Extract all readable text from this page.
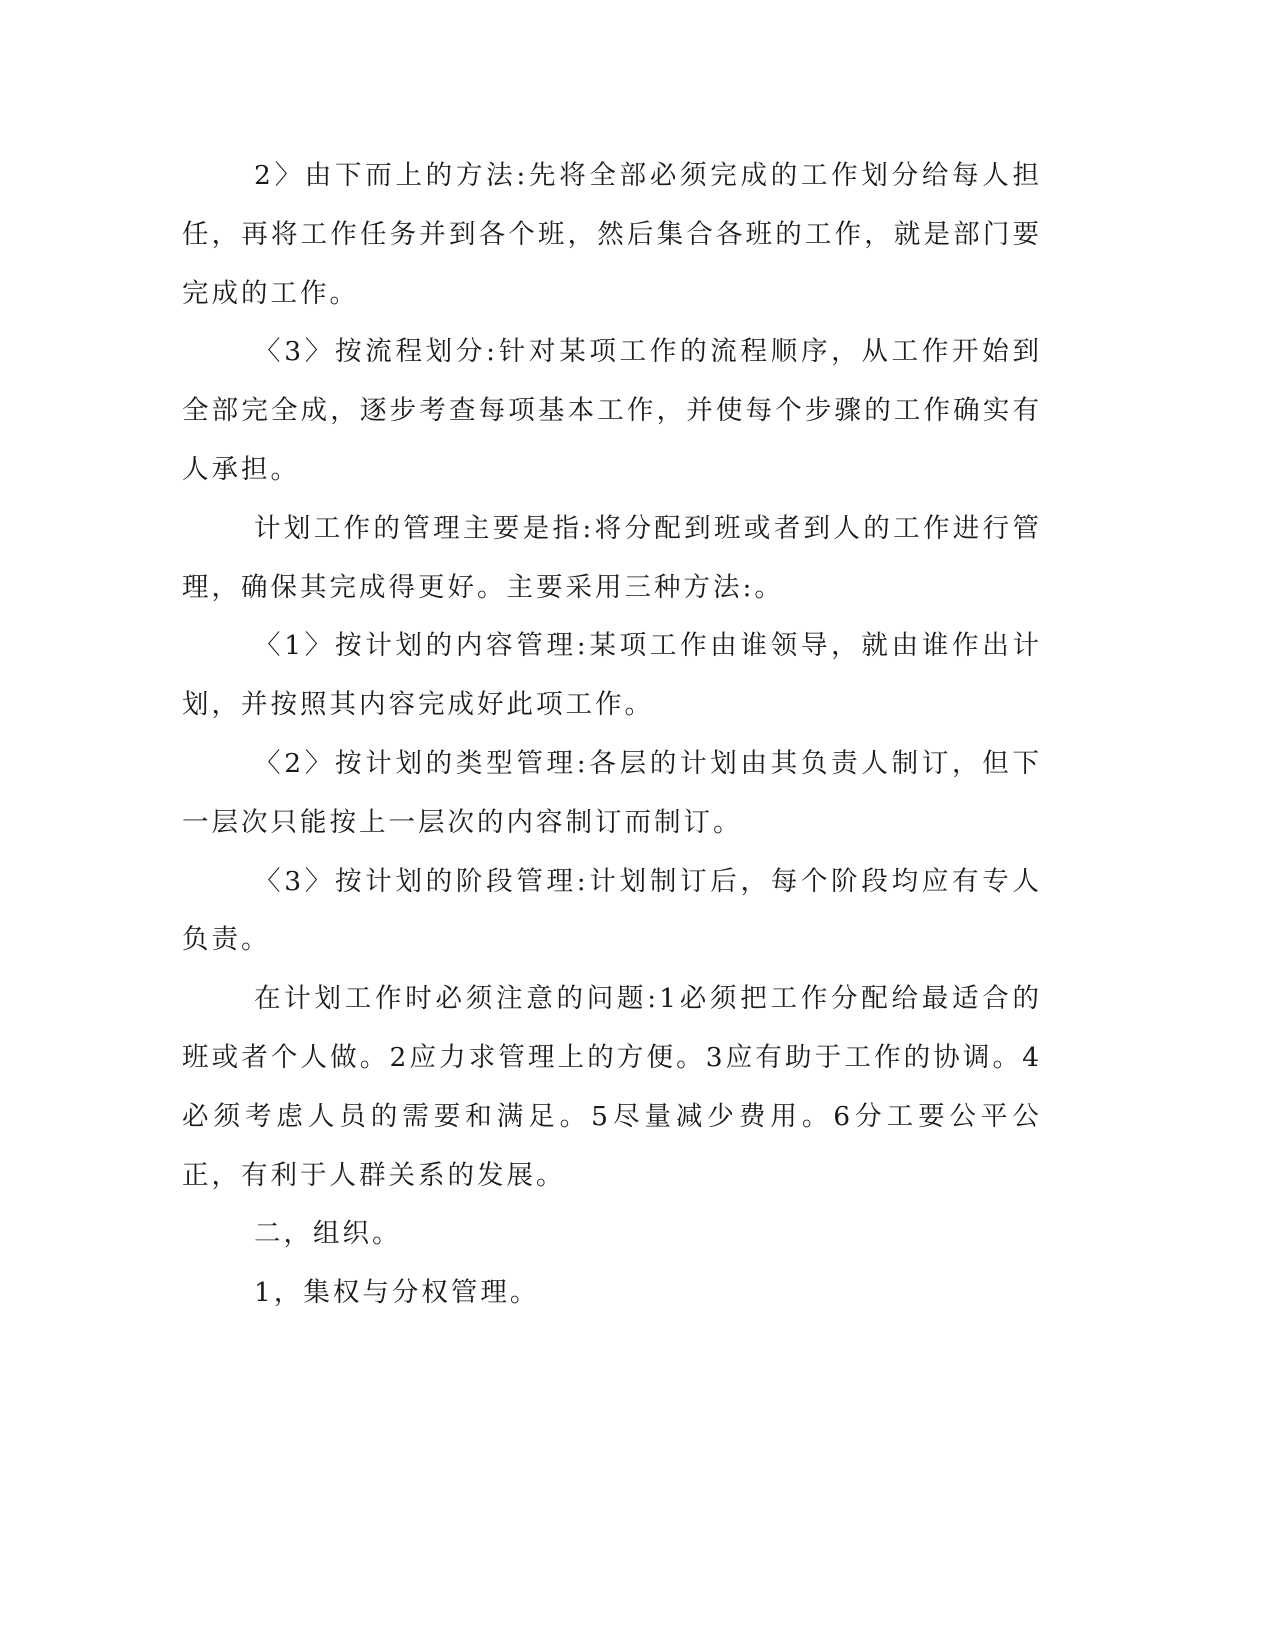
2〉由下而上的方法:先将全部必须完成的工作划分给每人担任，再将工作任务并到各个班，然后集合各班的工作，就是部门要完成的工作。

〈3〉按流程划分:针对某项工作的流程顺序，从工作开始到全部完全成，逐步考查每项基本工作，并使每个步骤的工作确实有人承担。

计划工作的管理主要是指:将分配到班或者到人的工作进行管理，确保其完成得更好。主要采用三种方法:。

〈1〉按计划的内容管理:某项工作由谁领导，就由谁作出计划，并按照其内容完成好此项工作。

〈2〉按计划的类型管理:各层的计划由其负责人制订，但下一层次只能按上一层次的内容制订而制订。

〈3〉按计划的阶段管理:计划制订后，每个阶段均应有专人负责。

在计划工作时必须注意的问题:1必须把工作分配给最适合的班或者个人做。2应力求管理上的方便。3应有助于工作的协调。4必须考虑人员的需要和满足。5尽量减少费用。6分工要公平公正，有利于人群关系的发展。

二，组织。

1，集权与分权管理。
